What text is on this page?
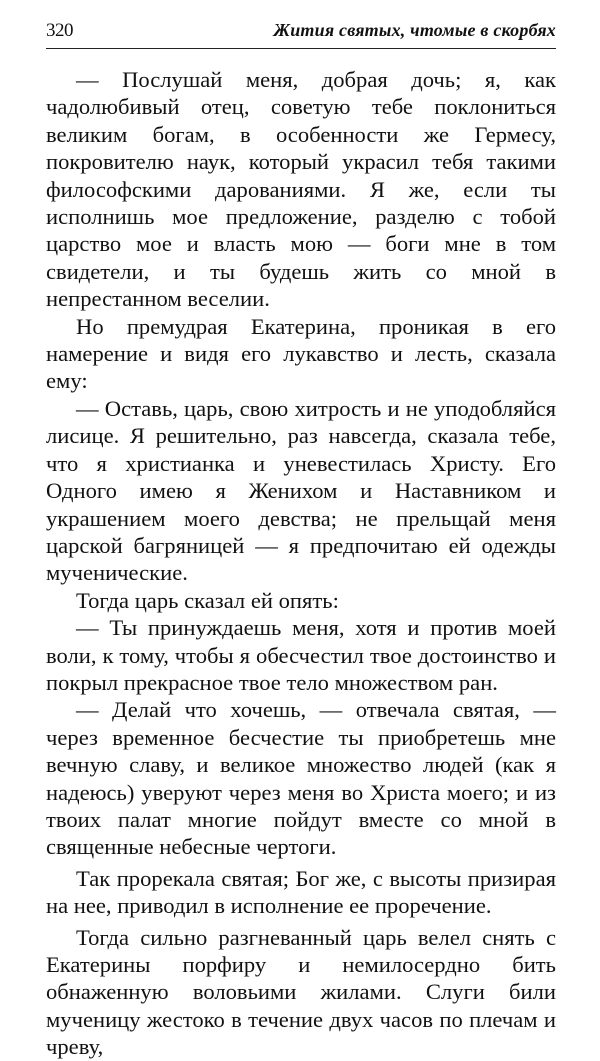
320	Жития святых, чтомые в скорбях

— Послушай меня, добрая дочь; я, как чадолюбивый отец, советую тебе поклониться великим богам, в особенности же Гермесу, покровителю наук, который украсил тебя такими философскими дарованиями. Я же, если ты исполнишь мое предложение, разделю с тобой царство мое и власть мою — боги мне в том свидетели, и ты будешь жить со мной в непрестанном веселии.

Но премудрая Екатерина, проникая в его намерение и видя его лукавство и лесть, сказала ему:

— Оставь, царь, свою хитрость и не уподобляйся лисице. Я решительно, раз навсегда, сказала тебе, что я христианка и уневестилась Христу. Его Одного имею я Женихом и Наставником и украшением моего девства; не прельщай меня царской багряницей — я предпочитаю ей одежды мученические.

Тогда царь сказал ей опять:

— Ты принуждаешь меня, хотя и против моей воли, к тому, чтобы я обесчестил твое достоинство и покрыл прекрасное твое тело множеством ран.

— Делай что хочешь, — отвечала святая, — через временное бесчестие ты приобретешь мне вечную славу, и великое множество людей (как я надеюсь) уверуют через меня во Христа моего; и из твоих палат многие пойдут вместе со мной в священные небесные чертоги.

Так прорекала святая; Бог же, с высоты призирая на нее, приводил в исполнение ее проречение.

Тогда сильно разгневанный царь велел снять с Екатерины порфиру и немилосердно бить обнаженную воловьими жилами. Слуги били мученицу жестоко в течение двух часов по плечам и чреву,
